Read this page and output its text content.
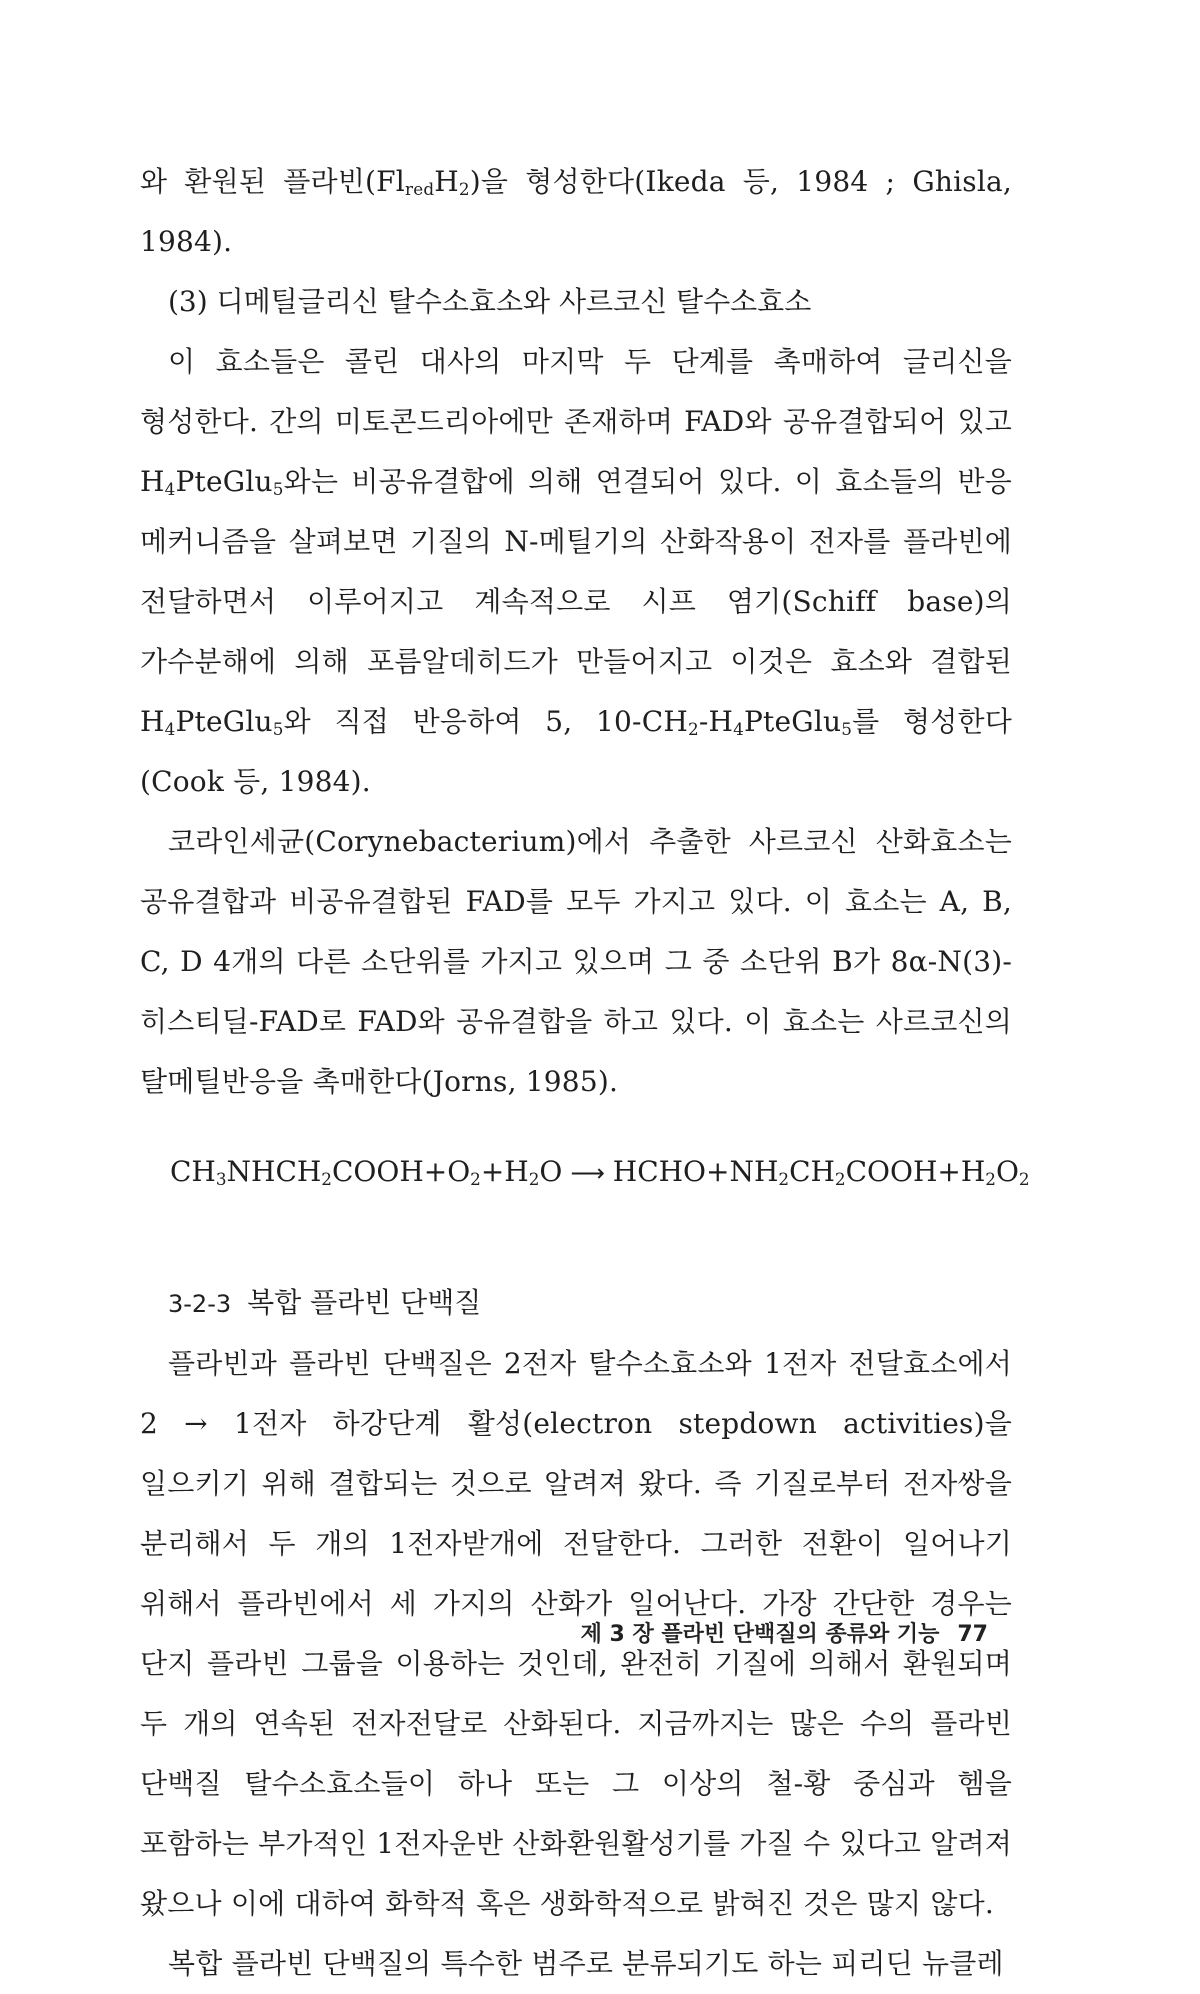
와 환원된 플라빈$(Fl_{red}H_2)$을 형성한다(Ikeda 등, 1984 ; Ghisla, 1984).

(3) 디메틸글리신 탈수소효소와 사르코신 탈수소효소

이 효소들은 콜린 대사의 마지막 두 단계를 촉매하여 글리신을 형성한다. 간의 미토콘드리아에만 존재하며 FAD와 공유결합되어 있고 $H_4PteGlu_5$와는 비공유결합에 의해 연결되어 있다. 이 효소들의 반응 메커니즘을 살펴보면 기질의 N-메틸기의 산화작용이 전자를 플라빈에 전달하면서 이루어지고 계속적으로 시프 염기(Schiff base)의 가수분해에 의해 포름알데히드가 만들어지고 이것은 효소와 결합된 $H_4PteGlu_5$와 직접 반응하여 5, $10-CH_2-H_4PteGlu_5$를 형성한다(Cook 등, 1984).

코라인세균(Corynebacterium)에서 추출한 사르코신 산화효소는 공유결합과 비공유결합된 FAD를 모두 가지고 있다. 이 효소는 A, B, C, D 4개의 다른 소단위를 가지고 있으며 그 중 소단위 B가 8α-N(3)-히스티딜-FAD로 FAD와 공유결합을 하고 있다. 이 효소는 사르코신의 탈메틸반응을 촉매한다(Jorns, 1985).

$CH_3NHCH_2COOH+O_2+H_2O$ ⟶ $HCHO+NH_2CH_2COOH+H_2O_2$

3-2-3 복합 플라빈 단백질

플라빈과 플라빈 단백질은 2전자 탈수소효소와 1전자 전달효소에서 2 → 1전자 하강단계 활성(electron stepdown activities)을 일으키기 위해 결합되는 것으로 알려져 왔다. 즉 기질로부터 전자쌍을 분리해서 두 개의 1전자받개에 전달한다. 그러한 전환이 일어나기 위해서 플라빈에서 세 가지의 산화가 일어난다. 가장 간단한 경우는 단지 플라빈 그룹을 이용하는 것인데, 완전히 기질에 의해서 환원되며 두 개의 연속된 전자전달로 산화된다. 지금까지는 많은 수의 플라빈 단백질 탈수소효소들이 하나 또는 그 이상의 철-황 중심과 헴을 포함하는 부가적인 1전자운반 산화환원활성기를 가질 수 있다고 알려져 왔으나 이에 대하여 화학적 혹은 생화학적으로 밝혀진 것은 많지 않다.

복합 플라빈 단백질의 특수한 범주로 분류되기도 하는 피리딘 뉴클레

제 3 장 플라빈 단백질의 종류와 기능 77
